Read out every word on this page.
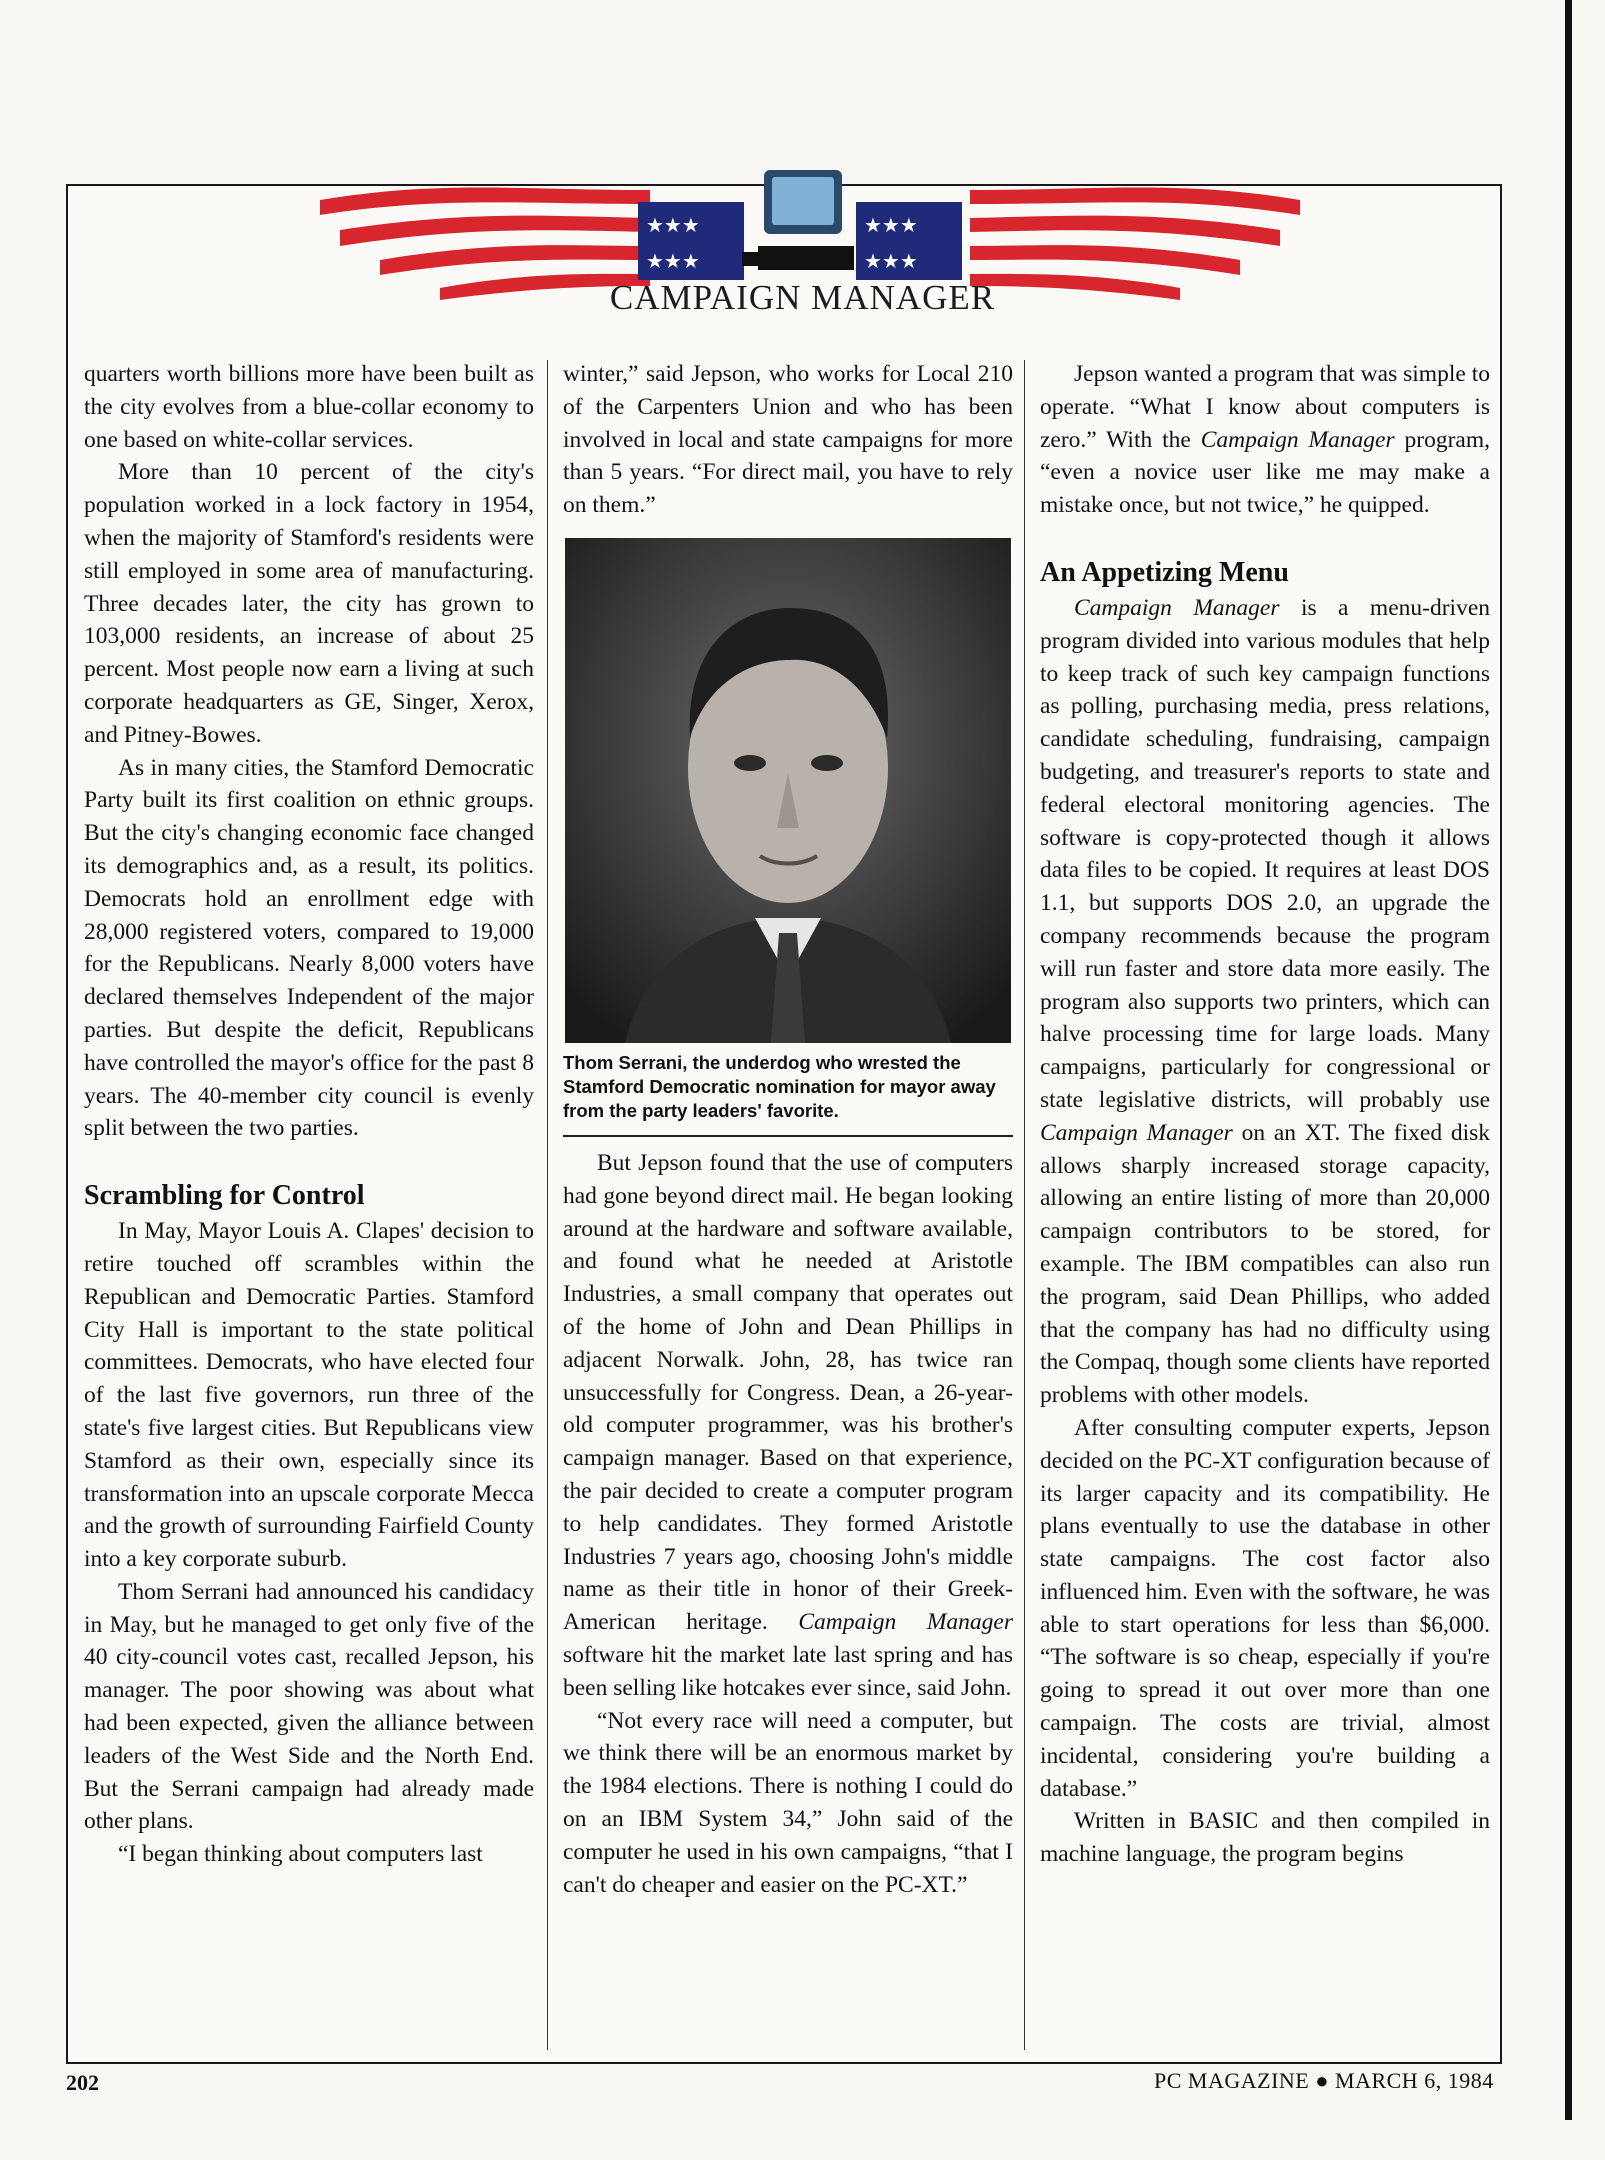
★★★
★★★
★★★
★★★
CAMPAIGN MANAGER

quarters worth billions more have been built as the city evolves from a blue-collar economy to one based on white-collar services.

More than 10 percent of the city's population worked in a lock factory in 1954, when the majority of Stamford's residents were still employed in some area of manufacturing. Three decades later, the city has grown to 103,000 residents, an increase of about 25 percent. Most people now earn a living at such corporate headquarters as GE, Singer, Xerox, and Pitney-Bowes.

As in many cities, the Stamford Democratic Party built its first coalition on ethnic groups. But the city's changing economic face changed its demographics and, as a result, its politics. Democrats hold an enrollment edge with 28,000 registered voters, compared to 19,000 for the Republicans. Nearly 8,000 voters have declared themselves Independent of the major parties. But despite the deficit, Republicans have controlled the mayor's office for the past 8 years. The 40-member city council is evenly split between the two parties.

Scrambling for Control

In May, Mayor Louis A. Clapes' decision to retire touched off scrambles within the Republican and Democratic Parties. Stamford City Hall is important to the state political committees. Democrats, who have elected four of the last five governors, run three of the state's five largest cities. But Republicans view Stamford as their own, especially since its transformation into an upscale corporate Mecca and the growth of surrounding Fairfield County into a key corporate suburb.

Thom Serrani had announced his candidacy in May, but he managed to get only five of the 40 city-council votes cast, recalled Jepson, his manager. The poor showing was about what had been expected, given the alliance between leaders of the West Side and the North End. But the Serrani campaign had already made other plans.

“I began thinking about computers last

winter,” said Jepson, who works for Local 210 of the Carpenters Union and who has been involved in local and state campaigns for more than 5 years. “For direct mail, you have to rely on them.”

Thom Serrani, the underdog who wrested the Stamford Democratic nomination for mayor away from the party leaders' favorite.

But Jepson found that the use of computers had gone beyond direct mail. He began looking around at the hardware and software available, and found what he needed at Aristotle Industries, a small company that operates out of the home of John and Dean Phillips in adjacent Norwalk. John, 28, has twice ran unsuccessfully for Congress. Dean, a 26-year-old computer programmer, was his brother's campaign manager. Based on that experience, the pair decided to create a computer program to help candidates. They formed Aristotle Industries 7 years ago, choosing John's middle name as their title in honor of their Greek-American heritage. Campaign Manager software hit the market late last spring and has been selling like hotcakes ever since, said John.

“Not every race will need a computer, but we think there will be an enormous market by the 1984 elections. There is nothing I could do on an IBM System 34,” John said of the computer he used in his own campaigns, “that I can't do cheaper and easier on the PC-XT.”

Jepson wanted a program that was simple to operate. “What I know about computers is zero.” With the Campaign Manager program, “even a novice user like me may make a mistake once, but not twice,” he quipped.

An Appetizing Menu

Campaign Manager is a menu-driven program divided into various modules that help to keep track of such key campaign functions as polling, purchasing media, press relations, candidate scheduling, fundraising, campaign budgeting, and treasurer's reports to state and federal electoral monitoring agencies. The software is copy-protected though it allows data files to be copied. It requires at least DOS 1.1, but supports DOS 2.0, an upgrade the company recommends because the program will run faster and store data more easily. The program also supports two printers, which can halve processing time for large loads. Many campaigns, particularly for congressional or state legislative districts, will probably use Campaign Manager on an XT. The fixed disk allows sharply increased storage capacity, allowing an entire listing of more than 20,000 campaign contributors to be stored, for example. The IBM compatibles can also run the program, said Dean Phillips, who added that the company has had no difficulty using the Compaq, though some clients have reported problems with other models.

After consulting computer experts, Jepson decided on the PC-XT configuration because of its larger capacity and its compatibility. He plans eventually to use the database in other state campaigns. The cost factor also influenced him. Even with the software, he was able to start operations for less than $6,000. “The software is so cheap, especially if you're going to spread it out over more than one campaign. The costs are trivial, almost incidental, considering you're building a database.”

Written in BASIC and then compiled in machine language, the program begins

202	PC MAGAZINE ● MARCH 6, 1984
